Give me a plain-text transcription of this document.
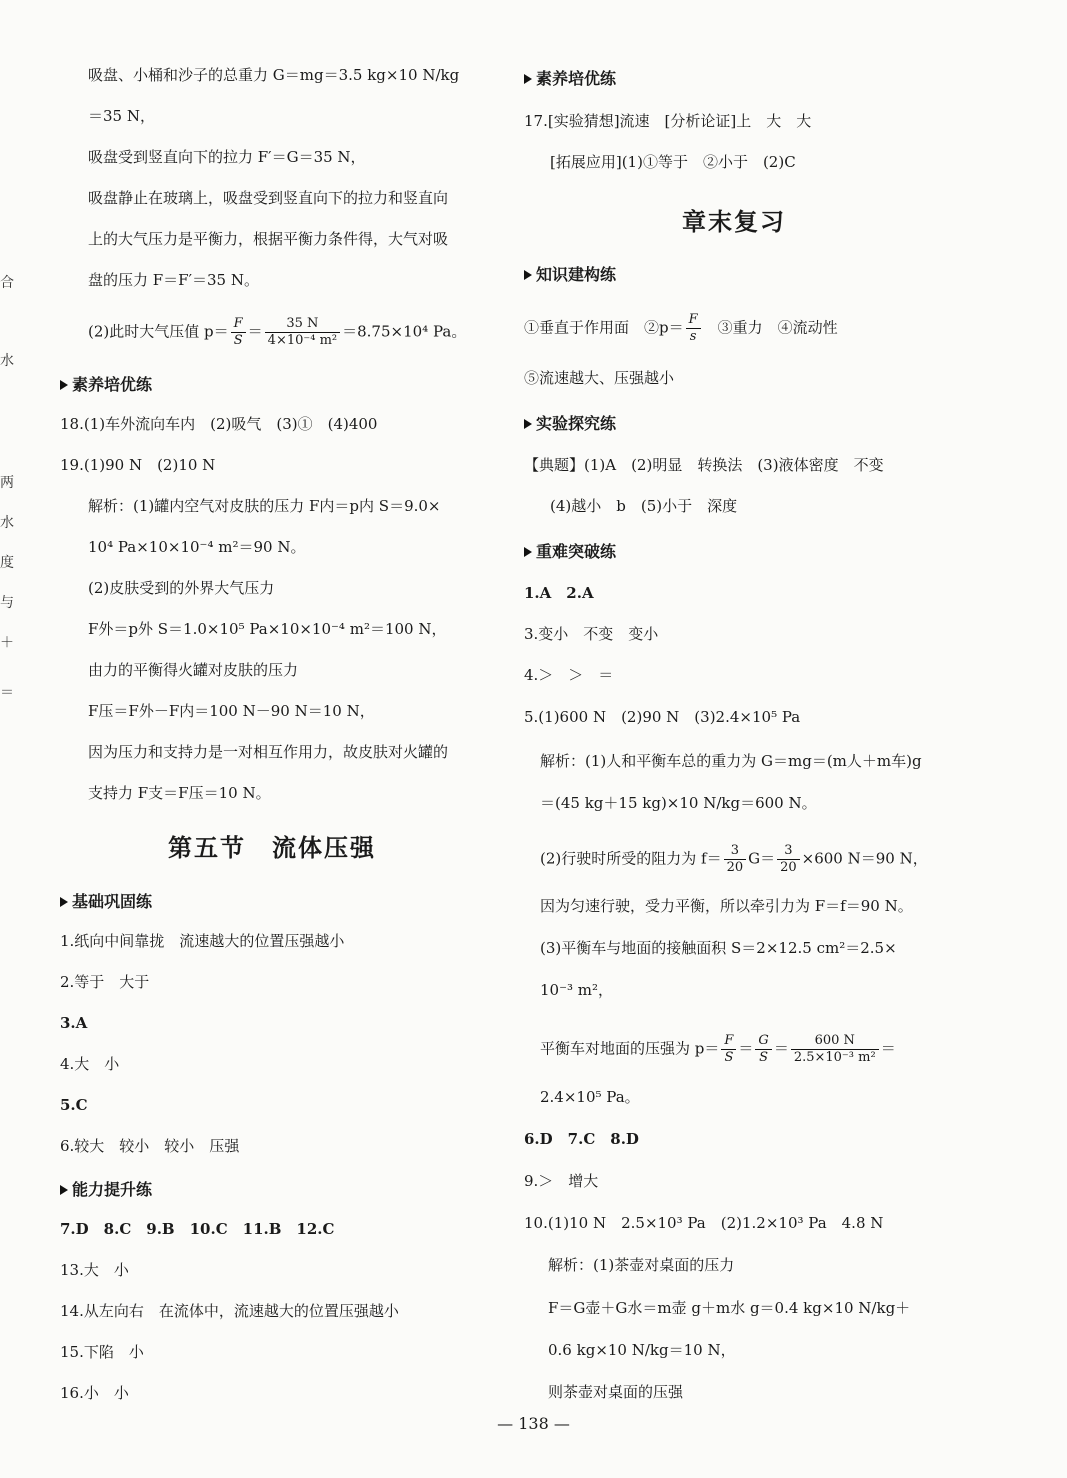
合
水
两
水
度
与
＋
＝
吸盘、小桶和沙子的总重力 G＝mg＝3.5 kg×10 N/kg
＝35 N，
吸盘受到竖直向下的拉力 F′＝G＝35 N，
吸盘静止在玻璃上，吸盘受到竖直向下的拉力和竖直向
上的大气压力是平衡力，根据平衡力条件得，大气对吸
盘的压力 F＝F′＝35 N。
(2)此时大气压值 $p= \frac{F}{S} = \frac{35 N}{\text{4×10⁻⁴ m²}} =8.75\times 10^4$ Pa。
素养培优练
18.(1)车外流向车内　(2)吸气　(3)①　(4)400
19.(1)90 N　(2)10 N
解析：(1)罐内空气对皮肤的压力 F内＝p内 S＝9.0×
10⁴ Pa×10×10⁻⁴ m²＝90 N。
(2)皮肤受到的外界大气压力
F外＝p外 S＝1.0×10⁵ Pa×10×10⁻⁴ m²＝100 N，
由力的平衡得火罐对皮肤的压力
F压＝F外－F内＝100 N－90 N＝10 N，
因为压力和支持力是一对相互作用力，故皮肤对火罐的
支持力 F支＝F压＝10 N。
第五节　流体压强
基础巩固练
1.纸向中间靠拢　流速越大的位置压强越小
2.等于　大于
3.A
4.大　小
5.C
6.较大　较小　较小　压强
能力提升练
7.D　8.C　9.B　10.C　11.B　12.C
13.大　小
14.从左向右　在流体中，流速越大的位置压强越小
15.下陷　小
16.小　小
素养培优练
17.[实验猜想]流速　[分析论证]上　大　大
[拓展应用](1)①等于　②小于　(2)C
章末复习
知识建构练
①垂直于作用面　②p＝ $\frac{F}{s}$ 　③重力　④流动性
⑤流速越大、压强越小
实验探究练
【典题】(1)A　(2)明显　转换法　(3)液体密度　不变
(4)越小　b　(5)小于　深度
重难突破练
1.A　2.A
3.变小　不变　变小
4.＞　＞　＝
5.(1)600 N　(2)90 N　(3)2.4×10⁵ Pa
解析：(1)人和平衡车总的重力为 G＝mg＝(m人＋m车)g
＝(45 kg＋15 kg)×10 N/kg＝600 N。
(2)行驶时所受的阻力为 $f= \frac{3}{20} G= \frac{3}{20} \times 600$ N＝90 N，
因为匀速行驶，受力平衡，所以牵引力为 F＝f＝90 N。
(3)平衡车与地面的接触面积 S＝2×12.5 cm²＝2.5×
10⁻³ m²，
平衡车对地面的压强为 $p= \frac{F}{S} = \frac{G}{S} = \frac{600 N}{\text{2.5×10⁻³ m²}}$ ＝
2.4×10⁵ Pa。
6.D　7.C　8.D
9.＞　增大
10.(1)10 N　2.5×10³ Pa　(2)1.2×10³ Pa　4.8 N
解析：(1)茶壶对桌面的压力
F＝G壶＋G水＝m壶 g＋m水 g＝0.4 kg×10 N/kg＋
0.6 kg×10 N/kg＝10 N，
则茶壶对桌面的压强
— 138 —
